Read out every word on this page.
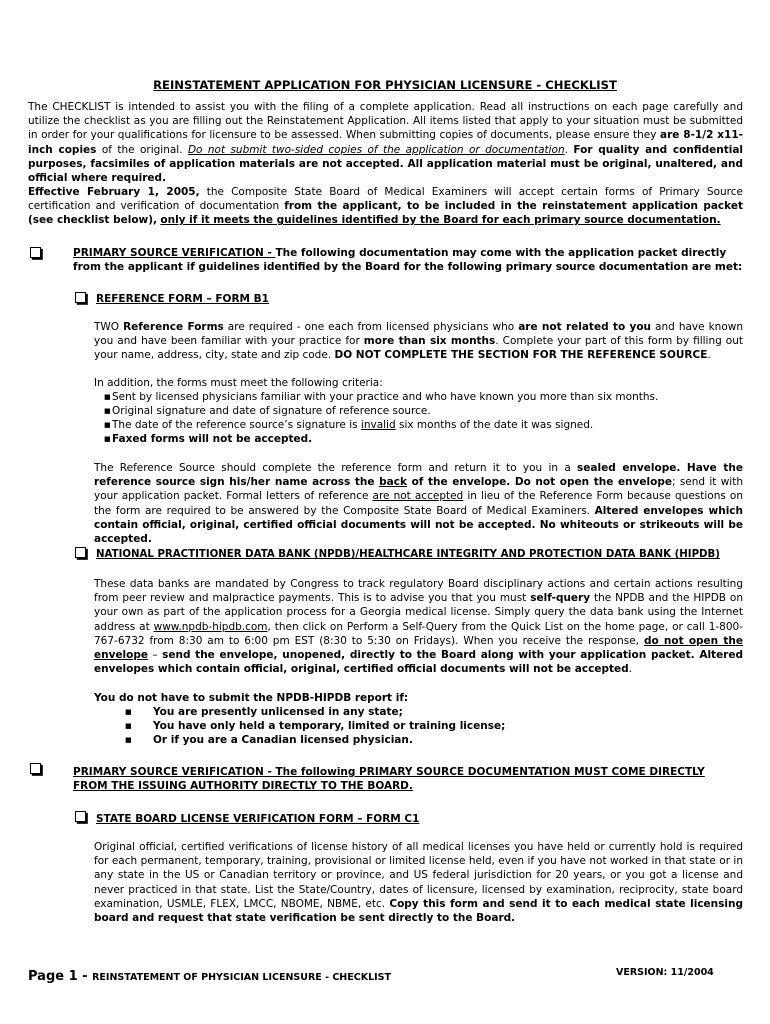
REINSTATEMENT APPLICATION FOR PHYSICIAN LICENSURE - CHECKLIST
The CHECKLIST is intended to assist you with the filing of a complete application. Read all instructions on each page carefully and utilize the checklist as you are filling out the Reinstatement Application. All items listed that apply to your situation must be submitted in order for your qualifications for licensure to be assessed. When submitting copies of documents, please ensure they are 8-1/2 x11-inch copies of the original. Do not submit two-sided copies of the application or documentation. For quality and confidential purposes, facsimiles of application materials are not accepted. All application material must be original, unaltered, and official where required.
Effective February 1, 2005, the Composite State Board of Medical Examiners will accept certain forms of Primary Source certification and verification of documentation from the applicant, to be included in the reinstatement application packet (see checklist below), only if it meets the guidelines identified by the Board for each primary source documentation.
PRIMARY SOURCE VERIFICATION - The following documentation may come with the application packet directly from the applicant if guidelines identified by the Board for the following primary source documentation are met:
REFERENCE FORM – FORM B1
TWO Reference Forms are required - one each from licensed physicians who are not related to you and have known you and have been familiar with your practice for more than six months. Complete your part of this form by filling out your name, address, city, state and zip code. DO NOT COMPLETE THE SECTION FOR THE REFERENCE SOURCE.
In addition, the forms must meet the following criteria:
■Sent by licensed physicians familiar with your practice and who have known you more than six months.
■Original signature and date of signature of reference source.
■The date of the reference source’s signature is invalid six months of the date it was signed.
■Faxed forms will not be accepted.
The Reference Source should complete the reference form and return it to you in a sealed envelope. Have the reference source sign his/her name across the back of the envelope. Do not open the envelope; send it with your application packet. Formal letters of reference are not accepted in lieu of the Reference Form because questions on the form are required to be answered by the Composite State Board of Medical Examiners. Altered envelopes which contain official, original, certified official documents will not be accepted. No whiteouts or strikeouts will be accepted.
NATIONAL PRACTITIONER DATA BANK (NPDB)/HEALTHCARE INTEGRITY AND PROTECTION DATA BANK (HIPDB)
These data banks are mandated by Congress to track regulatory Board disciplinary actions and certain actions resulting from peer review and malpractice payments. This is to advise you that you must self-query the NPDB and the HIPDB on your own as part of the application process for a Georgia medical license. Simply query the data bank using the Internet address at www.npdb-hipdb.com, then click on Perform a Self-Query from the Quick List on the home page, or call 1-800-767-6732 from 8:30 am to 6:00 pm EST (8:30 to 5:30 on Fridays). When you receive the response, do not open the envelope – send the envelope, unopened, directly to the Board along with your application packet. Altered envelopes which contain official, original, certified official documents will not be accepted.
You do not have to submit the NPDB-HIPDB report if:
■ You are presently unlicensed in any state;
■ You have only held a temporary, limited or training license;
■ Or if you are a Canadian licensed physician.
PRIMARY SOURCE VERIFICATION - The following PRIMARY SOURCE DOCUMENTATION MUST COME DIRECTLY FROM THE ISSUING AUTHORITY DIRECTLY TO THE BOARD.
STATE BOARD LICENSE VERIFICATION FORM – FORM C1
Original official, certified verifications of license history of all medical licenses you have held or currently hold is required for each permanent, temporary, training, provisional or limited license held, even if you have not worked in that state or in any state in the US or Canadian territory or province, and US federal jurisdiction for 20 years, or you got a license and never practiced in that state. List the State/Country, dates of licensure, licensed by examination, reciprocity, state board examination, USMLE, FLEX, LMCC, NBOME, NBME, etc. Copy this form and send it to each medical state licensing board and request that state verification be sent directly to the Board.
Page 1 - REINSTATEMENT OF PHYSICIAN LICENSURE - CHECKLIST	VERSION: 11/2004
